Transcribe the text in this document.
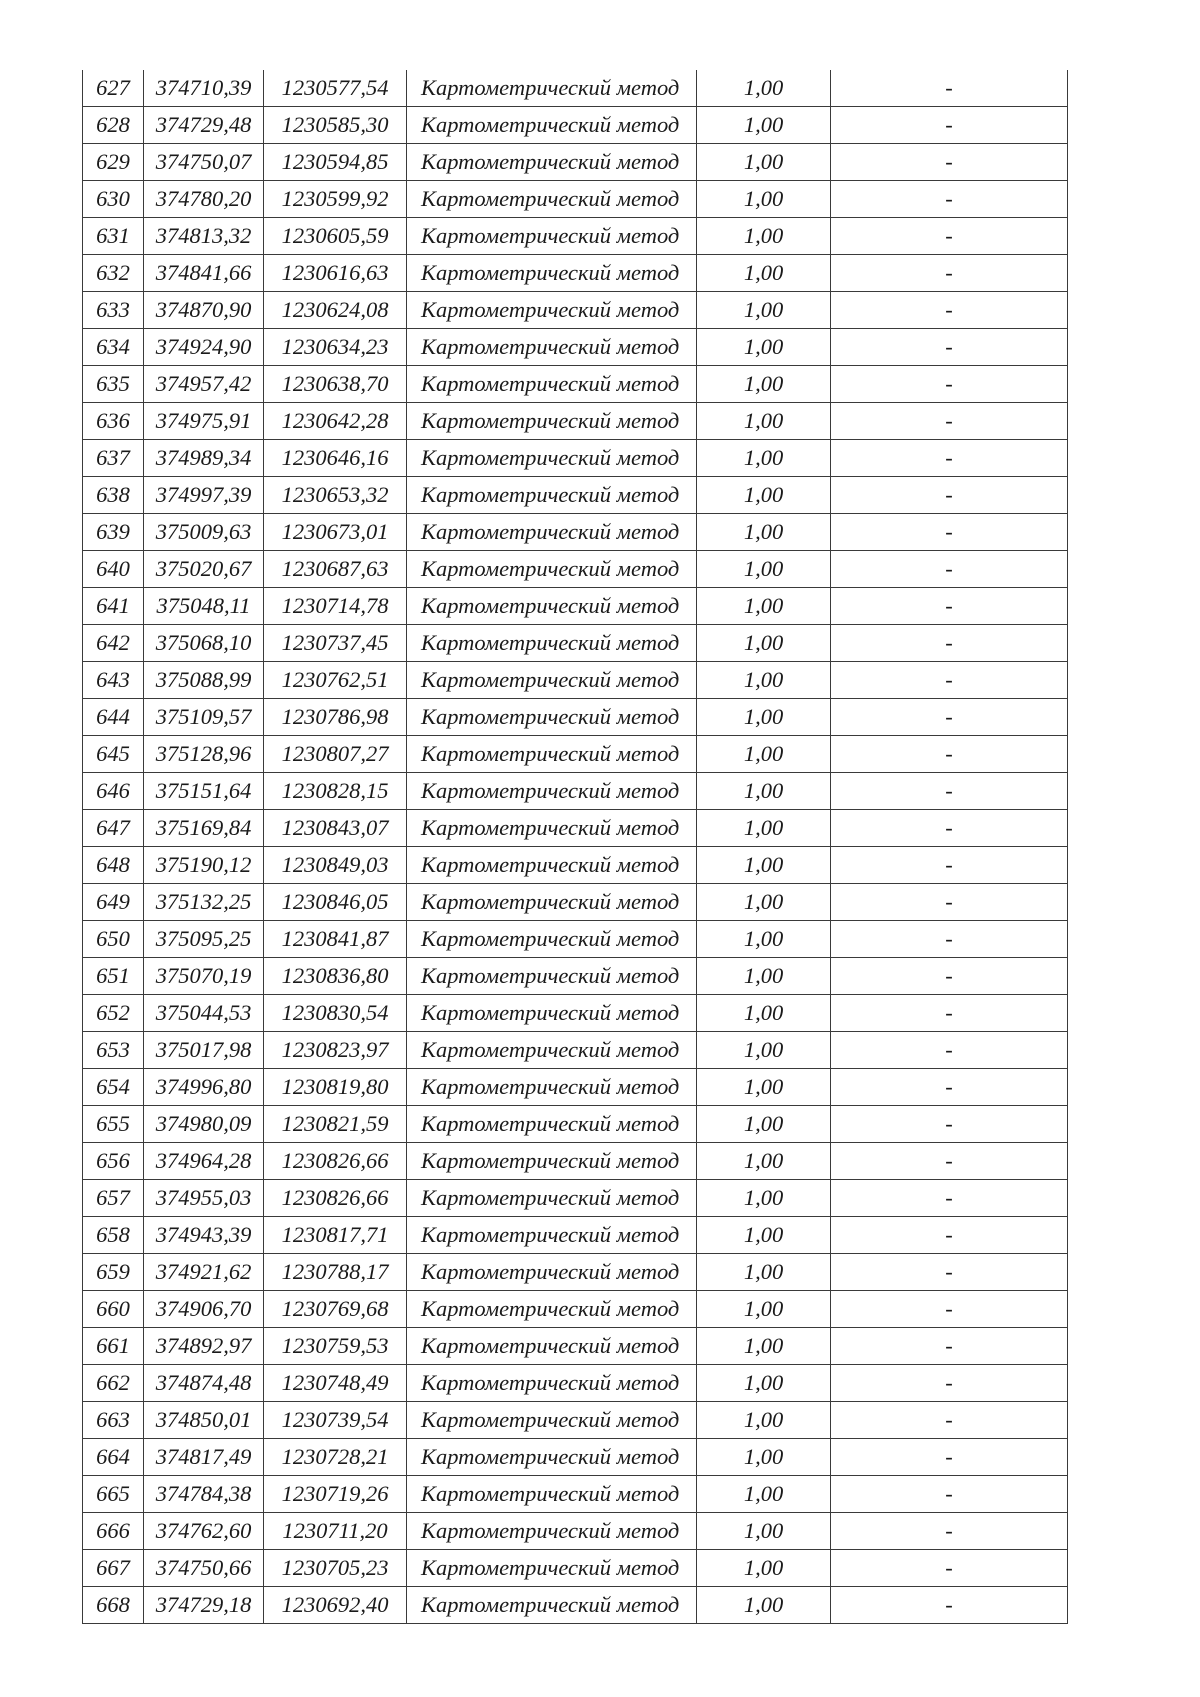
627	374710,39	1230577,54	Картометрический метод	1,00	-
628	374729,48	1230585,30	Картометрический метод	1,00	-
629	374750,07	1230594,85	Картометрический метод	1,00	-
630	374780,20	1230599,92	Картометрический метод	1,00	-
631	374813,32	1230605,59	Картометрический метод	1,00	-
632	374841,66	1230616,63	Картометрический метод	1,00	-
633	374870,90	1230624,08	Картометрический метод	1,00	-
634	374924,90	1230634,23	Картометрический метод	1,00	-
635	374957,42	1230638,70	Картометрический метод	1,00	-
636	374975,91	1230642,28	Картометрический метод	1,00	-
637	374989,34	1230646,16	Картометрический метод	1,00	-
638	374997,39	1230653,32	Картометрический метод	1,00	-
639	375009,63	1230673,01	Картометрический метод	1,00	-
640	375020,67	1230687,63	Картометрический метод	1,00	-
641	375048,11	1230714,78	Картометрический метод	1,00	-
642	375068,10	1230737,45	Картометрический метод	1,00	-
643	375088,99	1230762,51	Картометрический метод	1,00	-
644	375109,57	1230786,98	Картометрический метод	1,00	-
645	375128,96	1230807,27	Картометрический метод	1,00	-
646	375151,64	1230828,15	Картометрический метод	1,00	-
647	375169,84	1230843,07	Картометрический метод	1,00	-
648	375190,12	1230849,03	Картометрический метод	1,00	-
649	375132,25	1230846,05	Картометрический метод	1,00	-
650	375095,25	1230841,87	Картометрический метод	1,00	-
651	375070,19	1230836,80	Картометрический метод	1,00	-
652	375044,53	1230830,54	Картометрический метод	1,00	-
653	375017,98	1230823,97	Картометрический метод	1,00	-
654	374996,80	1230819,80	Картометрический метод	1,00	-
655	374980,09	1230821,59	Картометрический метод	1,00	-
656	374964,28	1230826,66	Картометрический метод	1,00	-
657	374955,03	1230826,66	Картометрический метод	1,00	-
658	374943,39	1230817,71	Картометрический метод	1,00	-
659	374921,62	1230788,17	Картометрический метод	1,00	-
660	374906,70	1230769,68	Картометрический метод	1,00	-
661	374892,97	1230759,53	Картометрический метод	1,00	-
662	374874,48	1230748,49	Картометрический метод	1,00	-
663	374850,01	1230739,54	Картометрический метод	1,00	-
664	374817,49	1230728,21	Картометрический метод	1,00	-
665	374784,38	1230719,26	Картометрический метод	1,00	-
666	374762,60	1230711,20	Картометрический метод	1,00	-
667	374750,66	1230705,23	Картометрический метод	1,00	-
668	374729,18	1230692,40	Картометрический метод	1,00	-
